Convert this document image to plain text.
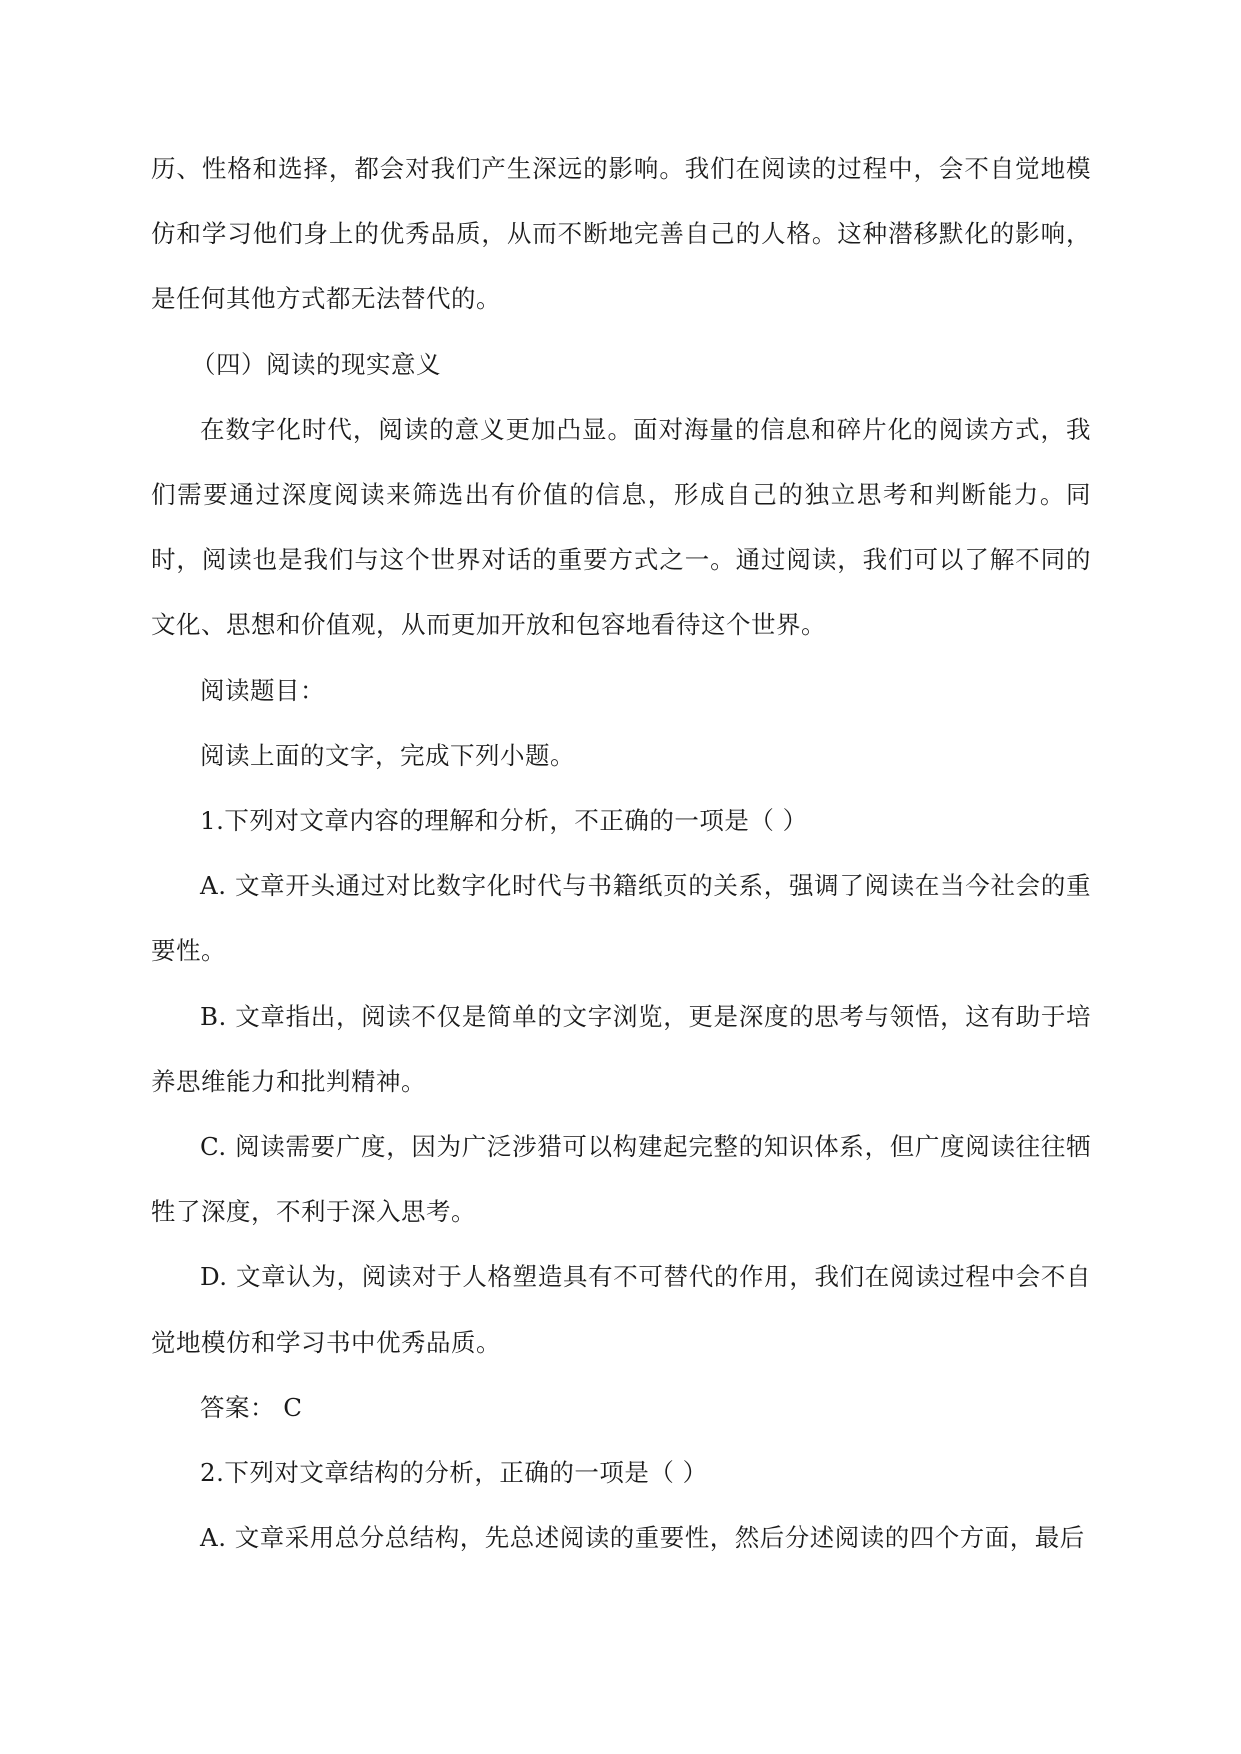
历、性格和选择，都会对我们产生深远的影响。我们在阅读的过程中，会不自觉地模仿和学习他们身上的优秀品质，从而不断地完善自己的人格。这种潜移默化的影响，是任何其他方式都无法替代的。

（四）阅读的现实意义

在数字化时代，阅读的意义更加凸显。面对海量的信息和碎片化的阅读方式，我们需要通过深度阅读来筛选出有价值的信息，形成自己的独立思考和判断能力。同时，阅读也是我们与这个世界对话的重要方式之一。通过阅读，我们可以了解不同的文化、思想和价值观，从而更加开放和包容地看待这个世界。

阅读题目：

阅读上面的文字，完成下列小题。

1.下列对文章内容的理解和分析，不正确的一项是（ ）

A. 文章开头通过对比数字化时代与书籍纸页的关系，强调了阅读在当今社会的重要性。

B. 文章指出，阅读不仅是简单的文字浏览，更是深度的思考与领悟，这有助于培养思维能力和批判精神。

C. 阅读需要广度，因为广泛涉猎可以构建起完整的知识体系，但广度阅读往往牺牲了深度，不利于深入思考。

D. 文章认为，阅读对于人格塑造具有不可替代的作用，我们在阅读过程中会不自觉地模仿和学习书中优秀品质。

答案： C

2.下列对文章结构的分析，正确的一项是（ ）

A. 文章采用总分总结构，先总述阅读的重要性，然后分述阅读的四个方面，最后
